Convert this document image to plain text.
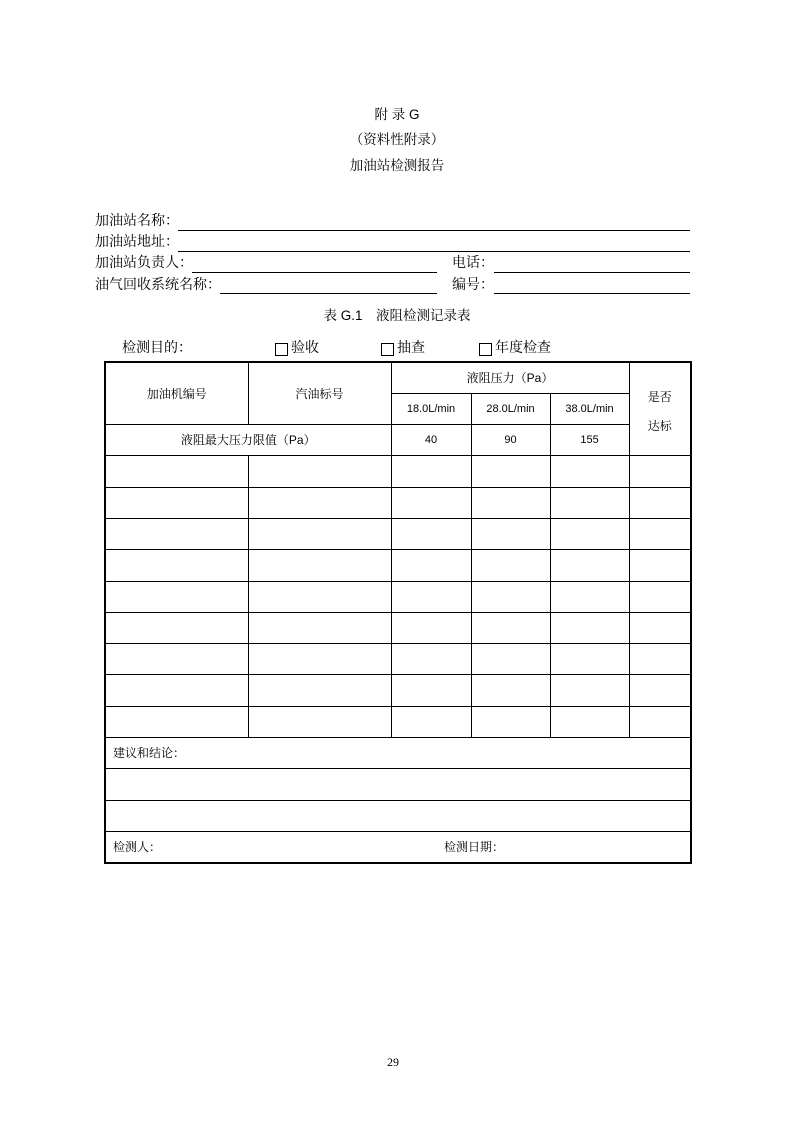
附 录 G
（资料性附录）
加油站检测报告
加油站名称：
加油站地址：
加油站负责人：	电话：
油气回收系统名称：	编号：
表 G.1　液阻检测记录表
检测目的：	验收	抽查	年度检查
加油机编号	汽油标号	液阻压力（Pa）			是否
达标

		18.0L/min	28.0L/min	38.0L/min	
液阻最大压力限值（Pa）		40	90	155	

建议和结论：					

检测人： 检测日期：					
29
